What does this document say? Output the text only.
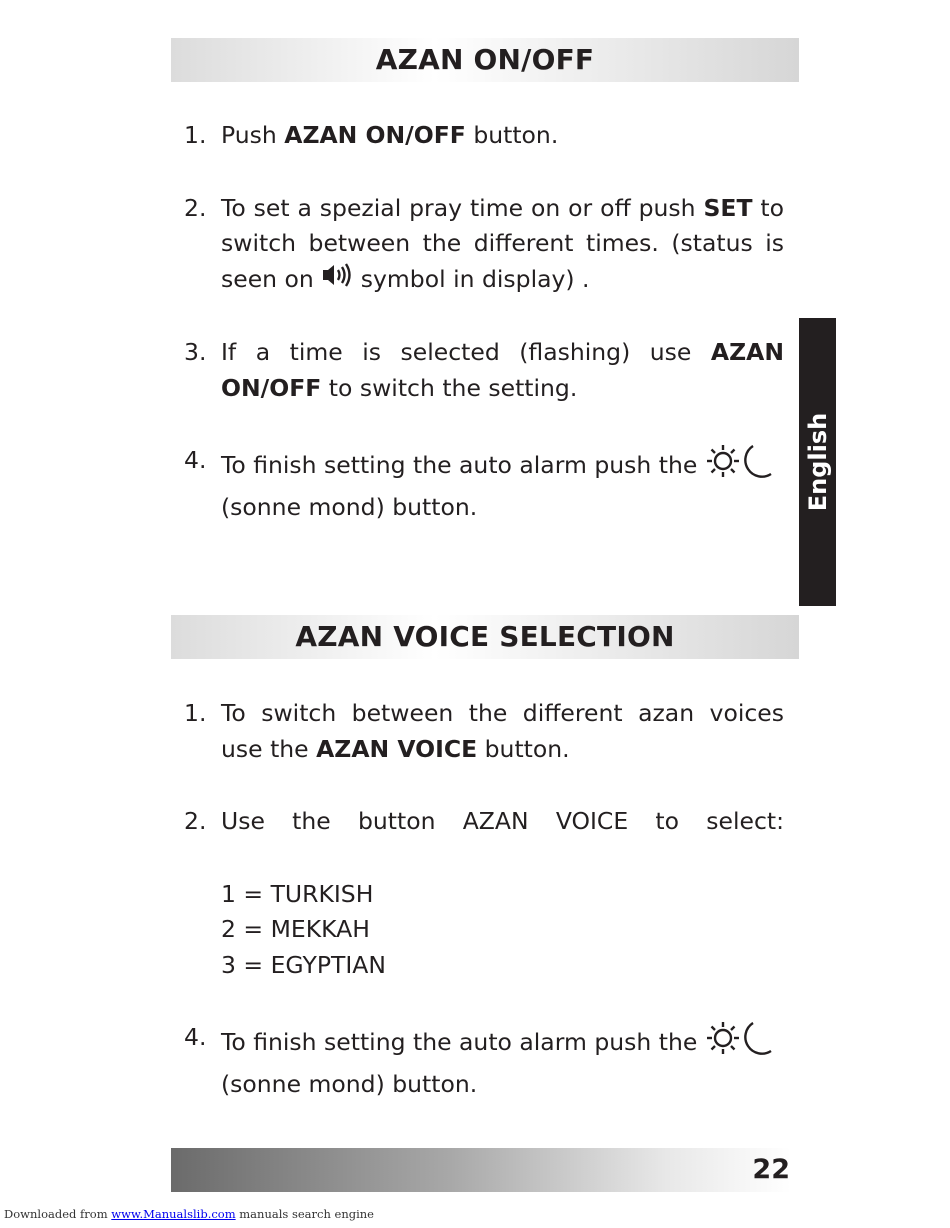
AZAN ON/OFF
1. Push AZAN ON/OFF button.
2. To set a spezial pray time on or off push SET to switch between the different times. (status is seen on  symbol in display) .
3. If a time is selected (flashing) use AZAN ON/OFF to switch the setting.
4. To finish setting the auto alarm push the
(sonne mond) button.	English
AZAN VOICE SELECTION
1. To switch between the different azan voices use the AZAN VOICE button.
2. Use the button AZAN VOICE to select:
1 = TURKISH
2 = MEKKAH
3 = EGYPTIAN
4. To finish setting the auto alarm push the
(sonne mond) button.
22
Downloaded from www.Manualslib.com manuals search engine
